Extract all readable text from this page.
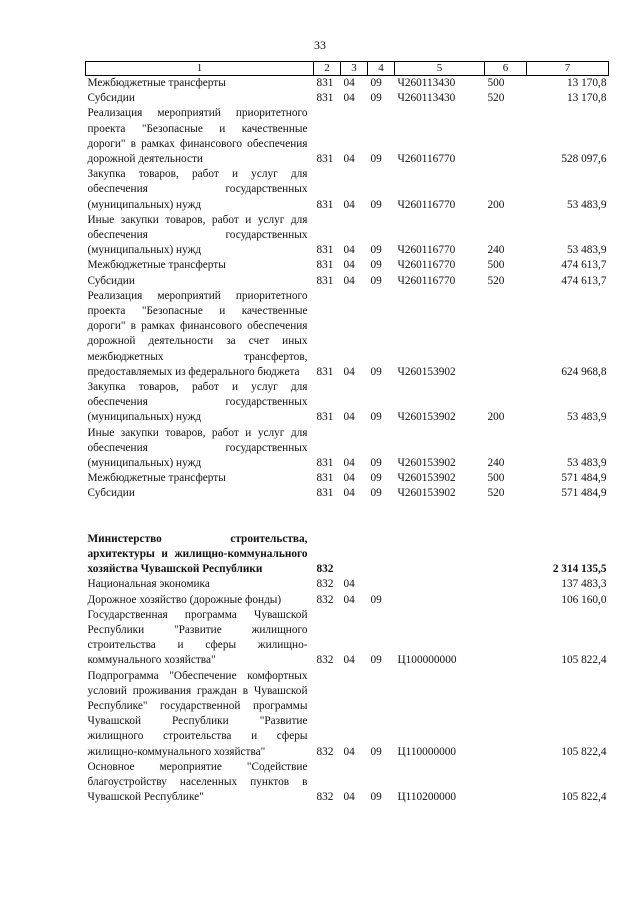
33
1	2	3	4	5	6	7
Межбюджетные трансферты	831	04	09	Ч260113430	500	13 170,8
Субсидии	831	04	09	Ч260113430	520	13 170,8
Реализация мероприятий приоритетного проекта "Безопасные и качественные дороги" в рамках финансового обеспечения дорожной деятельности	831	04	09	Ч260116770		528 097,6
Закупка товаров, работ и услуг для обеспечения государственных (муниципальных) нужд	831	04	09	Ч260116770	200	53 483,9
Иные закупки товаров, работ и услуг для обеспечения государственных (муниципальных) нужд	831	04	09	Ч260116770	240	53 483,9
Межбюджетные трансферты	831	04	09	Ч260116770	500	474 613,7
Субсидии	831	04	09	Ч260116770	520	474 613,7
Реализация мероприятий приоритетного проекта "Безопасные и качественные дороги" в рамках финансового обеспечения дорожной деятельности за счет иных межбюджетных трансфертов, предоставляемых из федерального бюджета	831	04	09	Ч260153902		624 968,8
Закупка товаров, работ и услуг для обеспечения государственных (муниципальных) нужд	831	04	09	Ч260153902	200	53 483,9
Иные закупки товаров, работ и услуг для обеспечения государственных (муниципальных) нужд	831	04	09	Ч260153902	240	53 483,9
Межбюджетные трансферты	831	04	09	Ч260153902	500	571 484,9
Субсидии	831	04	09	Ч260153902	520	571 484,9

Министерство строительства, архитектуры и жилищно-коммунального хозяйства Чувашской Республики	832					2 314 135,5
Национальная экономика	832	04				137 483,3
Дорожное хозяйство (дорожные фонды)	832	04	09			106 160,0
Государственная программа Чувашской Республики "Развитие жилищного строительства и сферы жилищно-коммунального хозяйства"	832	04	09	Ц100000000		105 822,4
Подпрограмма "Обеспечение комфортных условий проживания граждан в Чувашской Республике" государственной программы Чувашской Республики "Развитие жилищного строительства и сферы жилищно-коммунального хозяйства"	832	04	09	Ц110000000		105 822,4
Основное мероприятие "Содействие благоустройству населенных пунктов в Чувашской Республике"	832	04	09	Ц110200000		105 822,4
